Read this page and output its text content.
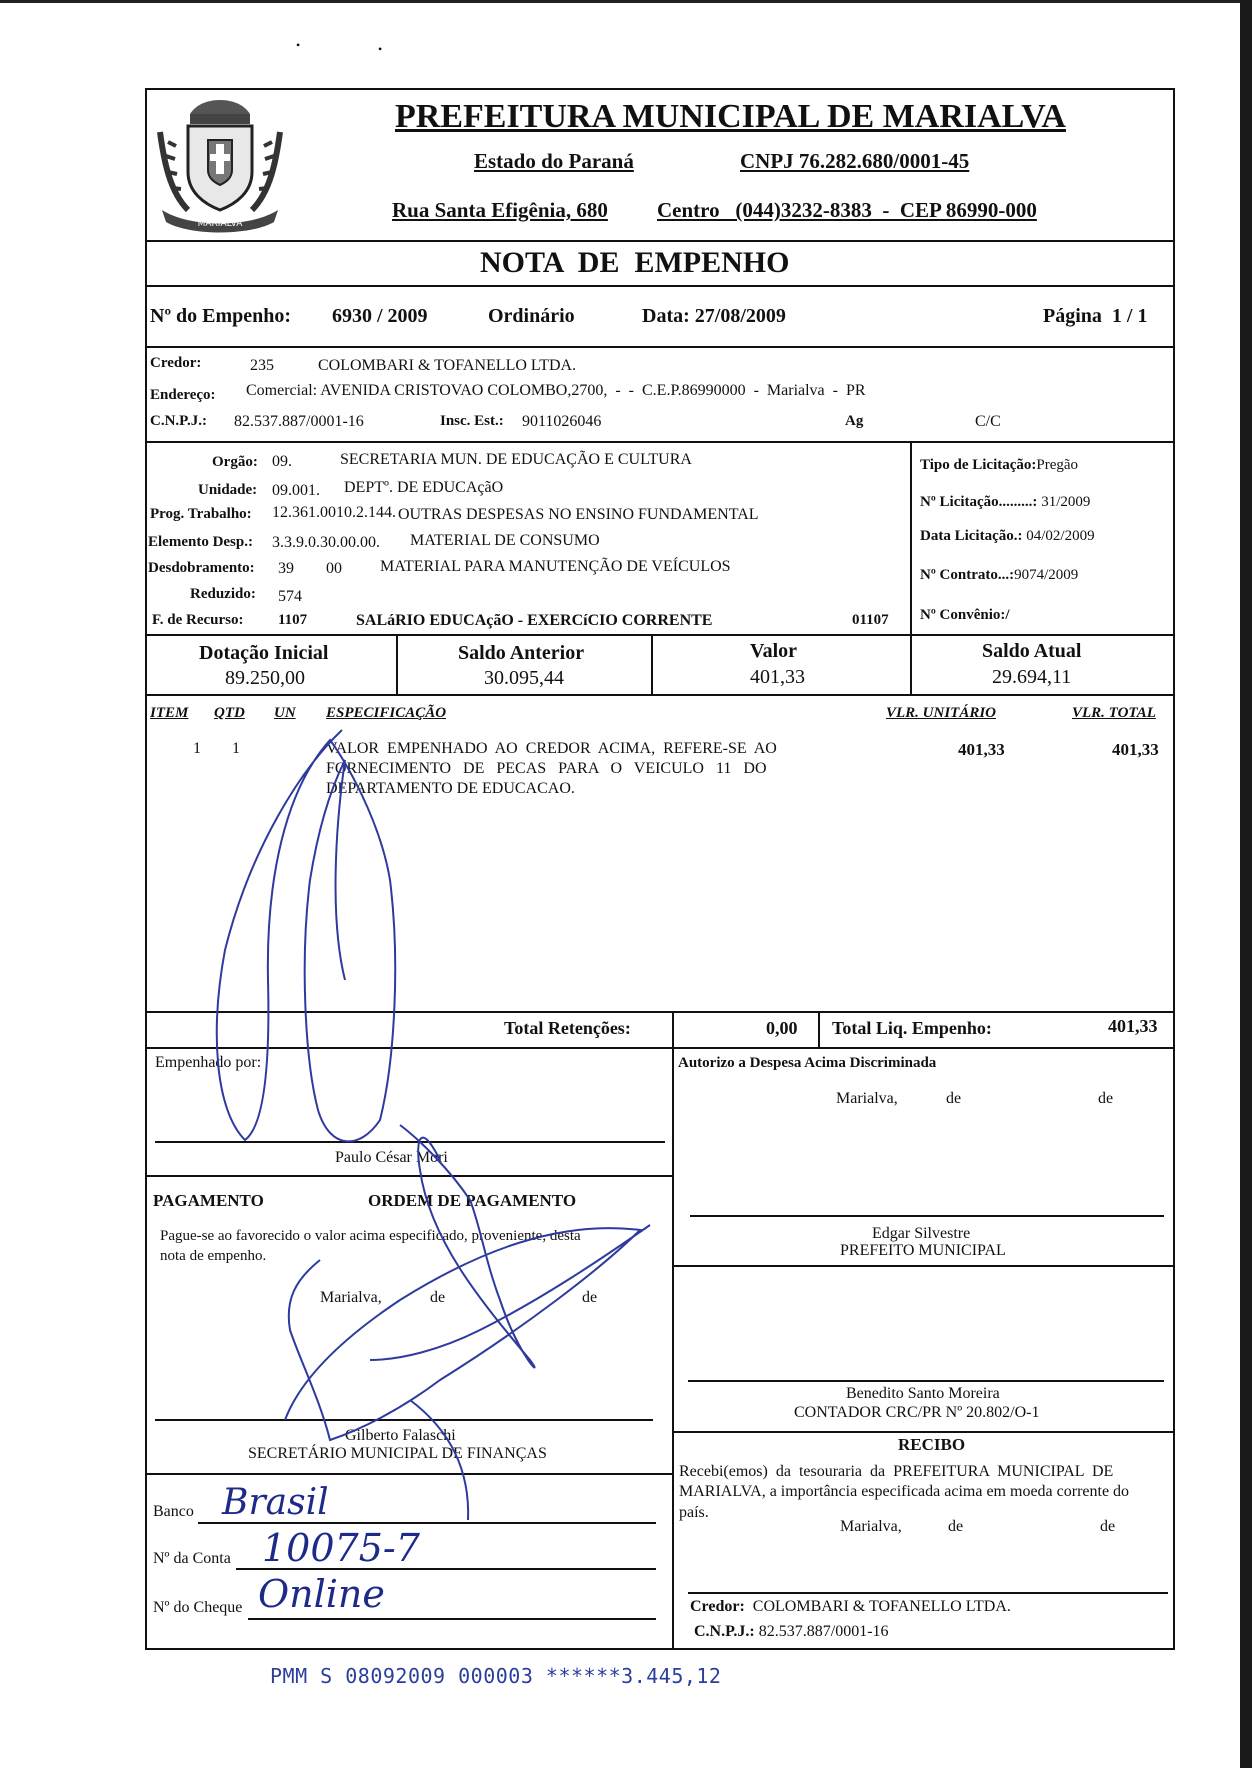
MARIALVA
PREFEITURA MUNICIPAL DE MARIALVA
Estado do Paraná	CNPJ 76.282.680/0001-45
Rua Santa Efigênia, 680 Centro   (044)3232-8383  -  CEP 86990-000
NOTA  DE  EMPENHO
Nº do Empenho: 6930 / 2009	Ordinário	Data: 27/08/2009	Página  1 / 1
Credor:	235	COLOMBARI & TOFANELLO LTDA.
Endereço: Comercial: AVENIDA CRISTOVAO COLOMBO,2700,  -  -  C.E.P.86990000  -  Marialva  -  PR
C.N.P.J.: 82.537.887/0001-16	Insc. Est.: 9011026046	Ag	C/C
Orgão: 09.	SECRETARIA MUN. DE EDUCAÇÃO E CULTURA
Unidade: 09.001. DEPTº. DE EDUCAçãO
Prog. Trabalho: 12.361.0010.2.144. OUTRAS DESPESAS NO ENSINO FUNDAMENTAL
Elemento Desp.: 3.3.9.0.30.00.00. MATERIAL DE CONSUMO
Desdobramento: 39 00 MATERIAL PARA MANUTENÇÃO DE VEÍCULOS
Reduzido: 574
F. de Recurso: 1107	SALáRIO EDUCAçãO - EXERCíCIO CORRENTE	01107
Tipo de Licitação:Pregão
Nº Licitação.........: 31/2009
Data Licitação.: 04/02/2009
Nº Contrato...:9074/2009
Nº Convênio:/
Dotação Inicial
89.250,00
Saldo Anterior
30.095,44
Valor
401,33
Saldo Atual
29.694,11
ITEM QTD UN ESPECIFICAÇÃO	VLR. UNITÁRIO	VLR. TOTAL
1 1	VALOR  EMPENHADO  AO  CREDOR  ACIMA,  REFERE-SE  AO
FORNECIMENTO   DE   PECAS   PARA   O   VEICULO   11   DO
DEPARTAMENTO DE EDUCACAO.
401,33	401,33
Total Retenções:	0,00 Total Liq. Empenho:	401,33
Empenhado por:
Paulo César Mori
PAGAMENTO	ORDEM DE PAGAMENTO
Pague-se ao favorecido o valor acima especificado, proveniente, desta
nota de empenho.
Marialva,	de	de
Gilberto Falaschi
SECRETÁRIO MUNICIPAL DE FINANÇAS
Banco Brasil
Nº da Conta 10075-7
Nº do Cheque Online
Autorizo a Despesa Acima Discriminada
Marialva,	de	de
Edgar Silvestre
PREFEITO MUNICIPAL
Benedito Santo Moreira
CONTADOR CRC/PR Nº 20.802/O-1
RECIBO
Recebi(emos)  da  tesouraria  da  PREFEITURA  MUNICIPAL  DE
MARIALVA, a importância especificada acima em moeda corrente do
país.
Marialva,	de	de
Credor: COLOMBARI & TOFANELLO LTDA.
C.N.P.J.: 82.537.887/0001-16
•	•
PMM S 08092009 000003 ******3.445,12
